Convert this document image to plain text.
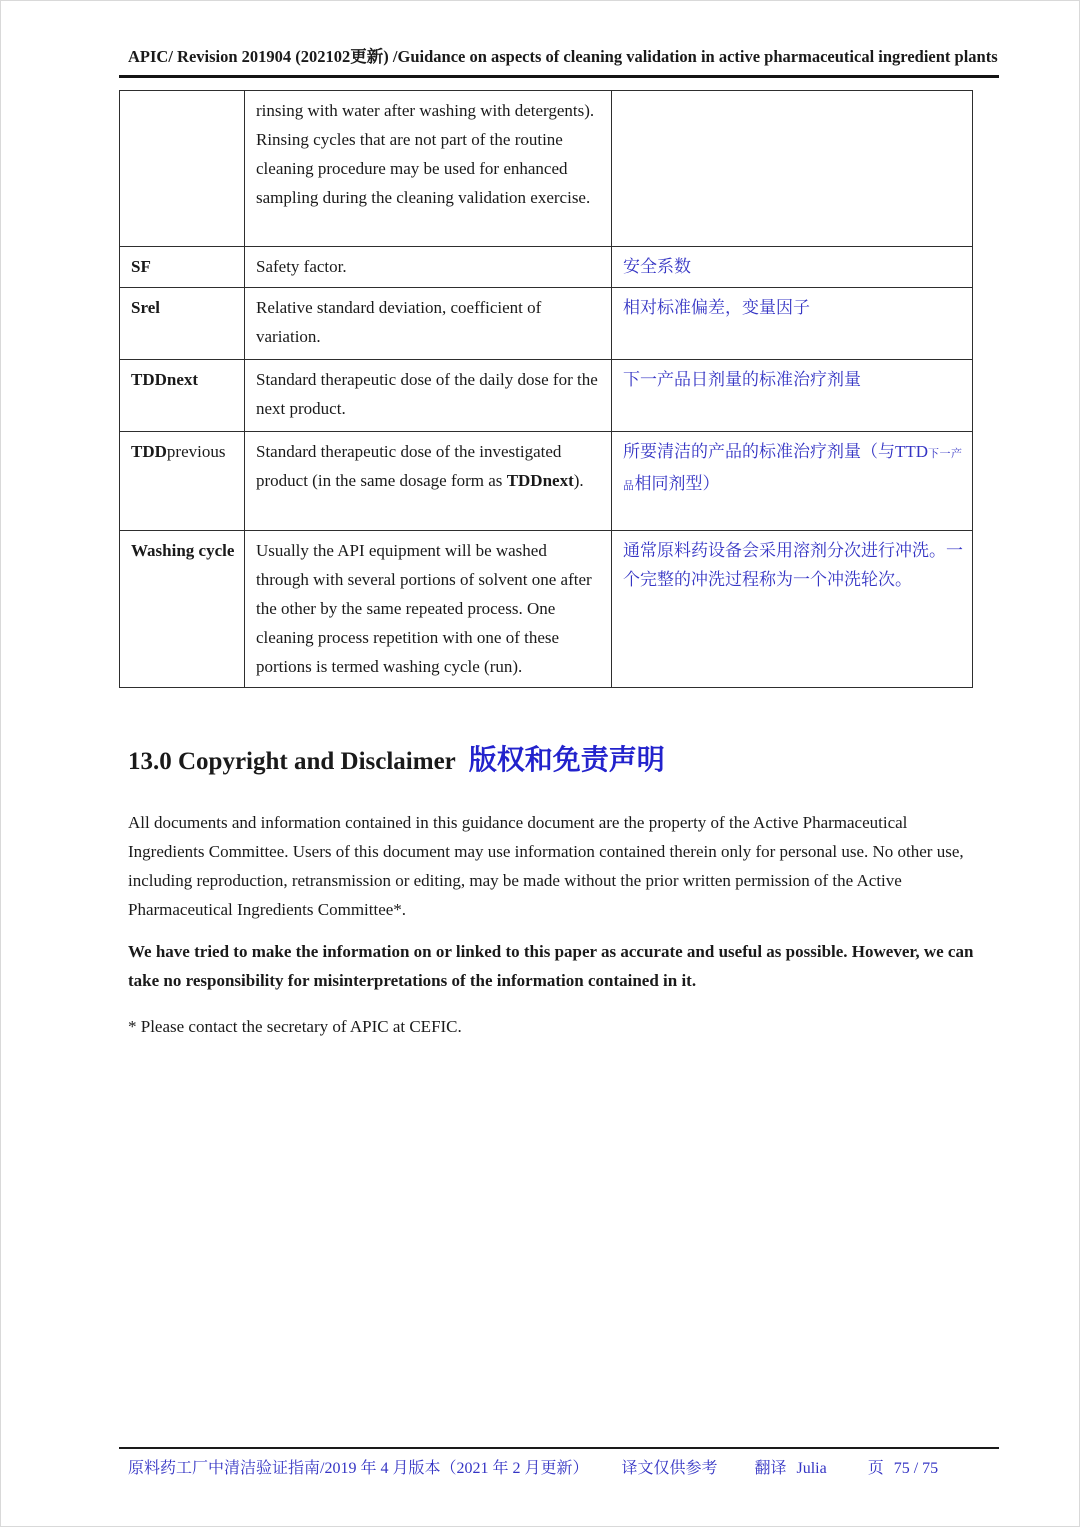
APIC/ Revision 201904 (202102更新) /Guidance on aspects of cleaning validation in active pharmaceutical ingredient plants
	rinsing with water after washing with detergents). Rinsing cycles that are not part of the routine cleaning procedure may be used for enhanced sampling during the cleaning validation exercise.	
SF	Safety factor.	安全系数
Srel	Relative standard deviation, coefficient of variation.	相对标准偏差，变量因子
TDDnext	Standard therapeutic dose of the daily dose for the next product.	下一产品日剂量的标准治疗剂量
TDDprevious	Standard therapeutic dose of the investigated product (in the same dosage form as TDDnext).	所要清洁的产品的标准治疗剂量（与TTD下一产品相同剂型）
Washing cycle	Usually the API equipment will be washed through with several portions of solvent one after the other by the same repeated process. One cleaning process repetition with one of these portions is termed washing cycle (run).	通常原料药设备会采用溶剂分次进行冲洗。一个完整的冲洗过程称为一个冲洗轮次。
13.0 Copyright and Disclaimer 版权和免责声明
All documents and information contained in this guidance document are the property of the Active Pharmaceutical Ingredients Committee. Users of this document may use information contained therein only for personal use. No other use, including reproduction, retransmission or editing, may be made without the prior written permission of the Active Pharmaceutical Ingredients Committee*.
We have tried to make the information on or linked to this paper as accurate and useful as possible. However, we can take no responsibility for misinterpretations of the information contained in it.
* Please contact the secretary of APIC at CEFIC.
原料药工厂中清洁验证指南/2019 年 4 月版本（2021 年 2 月更新） 译文仅供参考 翻译 Julia	页 75 / 75
